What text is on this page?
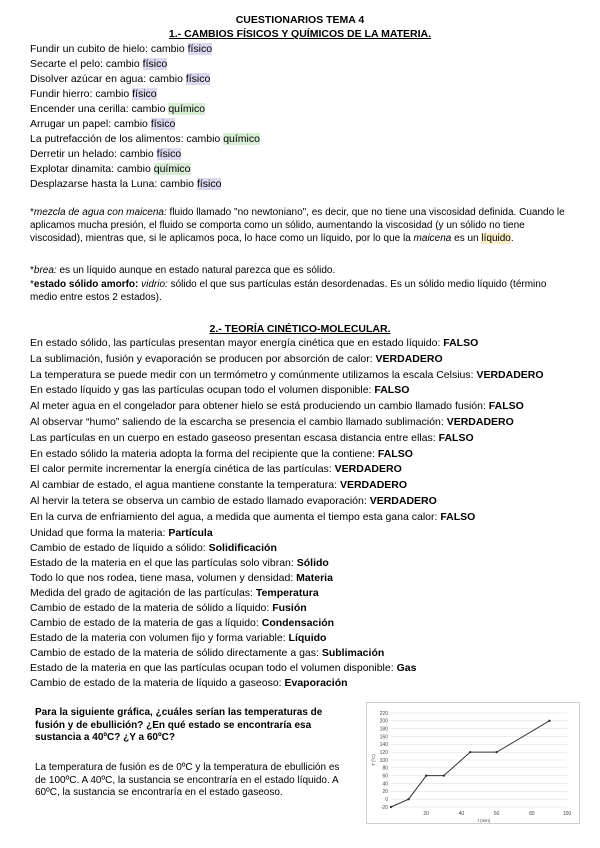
CUESTIONARIOS TEMA 4
1.- CAMBIOS FÍSICOS Y QUÍMICOS DE LA MATERIA.
Fundir un cubito de hielo: cambio físico
Secarte el pelo: cambio físico
Disolver azúcar en agua: cambio físico
Fundir hierro: cambio físico
Encender una cerilla: cambio químico
Arrugar un papel: cambio físico
La putrefacción de los alimentos: cambio químico
Derretir un helado: cambio físico
Explotar dinamita: cambio químico
Desplazarse hasta la Luna: cambio físico
*mezcla de agua con maicena: fluido llamado "no newtoniano", es decir, que no tiene una viscosidad definida. Cuando le aplicamos mucha presión, el fluido se comporta como un sólido, aumentando la viscosidad (y un sólido no tiene viscosidad), mientras que, si le aplicamos poca, lo hace como un líquido, por lo que la maicena es un líquido.
*brea: es un líquido aunque en estado natural parezca que es sólido.
*estado sólido amorfo: vidrio: sólido el que sus partículas están desordenadas. Es un sólido medio líquido (término medio entre estos 2 estados).
2.- TEORÍA CINÉTICO-MOLECULAR.
En estado sólido, las partículas presentan mayor energía cinética que en estado líquido: FALSO
La sublimación, fusión y evaporación se producen por absorción de calor: VERDADERO
La temperatura se puede medir con un termómetro y comúnmente utilizamos la escala Celsius: VERDADERO
En estado líquido y gas las partículas ocupan todo el volumen disponible: FALSO
Al meter agua en el congelador para obtener hielo se está produciendo un cambio llamado fusión: FALSO
Al observar “humo” saliendo de la escarcha se presencia el cambio llamado sublimación: VERDADERO
Las partículas en un cuerpo en estado gaseoso presentan escasa distancia entre ellas: FALSO
En estado sólido la materia adopta la forma del recipiente que la contiene: FALSO
El calor permite incrementar la energía cinética de las partículas: VERDADERO
Al cambiar de estado, el agua mantiene constante la temperatura: VERDADERO
Al hervir la tetera se observa un cambio de estado llamado evaporación: VERDADERO
En la curva de enfriamiento del agua, a medida que aumenta el tiempo esta gana calor: FALSO
Unidad que forma la materia: Partícula
Cambio de estado de líquido a sólido: Solidificación
Estado de la materia en el que las partículas solo vibran: Sólido
Todo lo que nos rodea, tiene masa, volumen y densidad: Materia
Medida del grado de agitación de las partículas: Temperatura
Cambio de estado de la materia de sólido a líquido: Fusión
Cambio de estado de la materia de gas a líquido: Condensación
Estado de la materia con volumen fijo y forma variable: Líquido
Cambio de estado de la materia de sólido directamente a gas: Sublimación
Estado de la materia en que las partículas ocupan todo el volumen disponible: Gas
Cambio de estado de la materia de líquido a gaseoso: Evaporación
Para la siguiente gráfica, ¿cuáles serían las temperaturas de fusión y de ebullición? ¿En qué estado se encontraría esa sustancia a 40ºC? ¿Y a 60ºC?
La temperatura de fusión es de 0ºC y la temperatura de ebullición es de 100ºC. A 40ºC, la sustancia se encontraría en el estado líquido. A 60ºC, la sustancia se encontraría en el estado gaseoso.
-20
0
20
40
60
80
100
120
140
160
180
200
220
20	40	60	80	100
t (min)
T (ºC)
